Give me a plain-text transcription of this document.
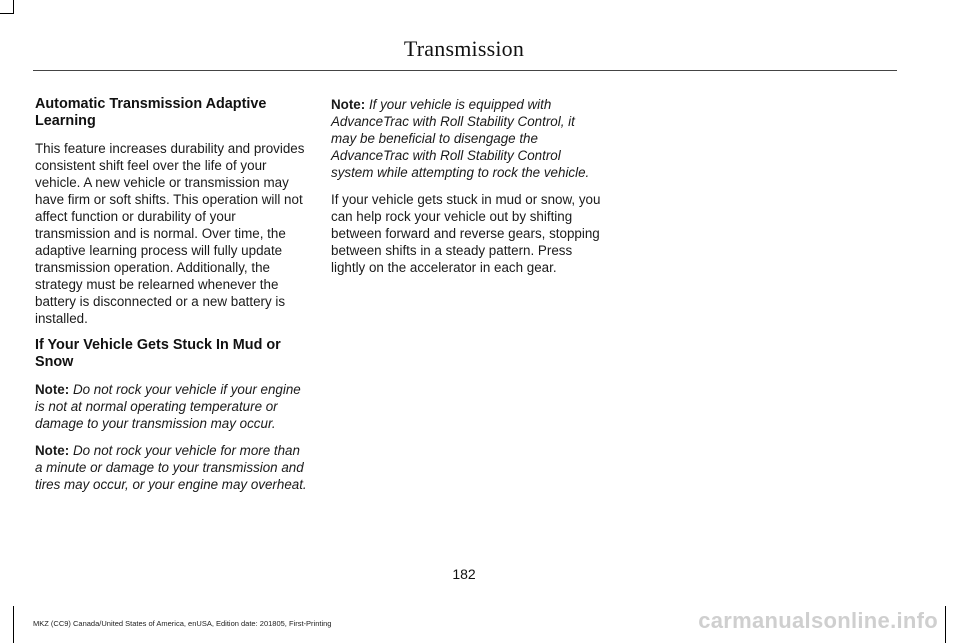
Transmission
Automatic Transmission Adaptive Learning

This feature increases durability and provides consistent shift feel over the life of your vehicle. A new vehicle or transmission may have firm or soft shifts. This operation will not affect function or durability of your transmission and is normal. Over time, the adaptive learning process will fully update transmission operation. Additionally, the strategy must be relearned whenever the battery is disconnected or a new battery is installed.

If Your Vehicle Gets Stuck In Mud or Snow

Note: Do not rock your vehicle if your engine is not at normal operating temperature or damage to your transmission may occur.

Note: Do not rock your vehicle for more than a minute or damage to your transmission and tires may occur, or your engine may overheat.

Note: If your vehicle is equipped with AdvanceTrac with Roll Stability Control, it may be beneficial to disengage the AdvanceTrac with Roll Stability Control system while attempting to rock the vehicle.

If your vehicle gets stuck in mud or snow, you can help rock your vehicle out by shifting between forward and reverse gears, stopping between shifts in a steady pattern. Press lightly on the accelerator in each gear.

182
MKZ (CC9) Canada/United States of America, enUSA, Edition date: 201805, First-Printing	carmanualsonline.info
